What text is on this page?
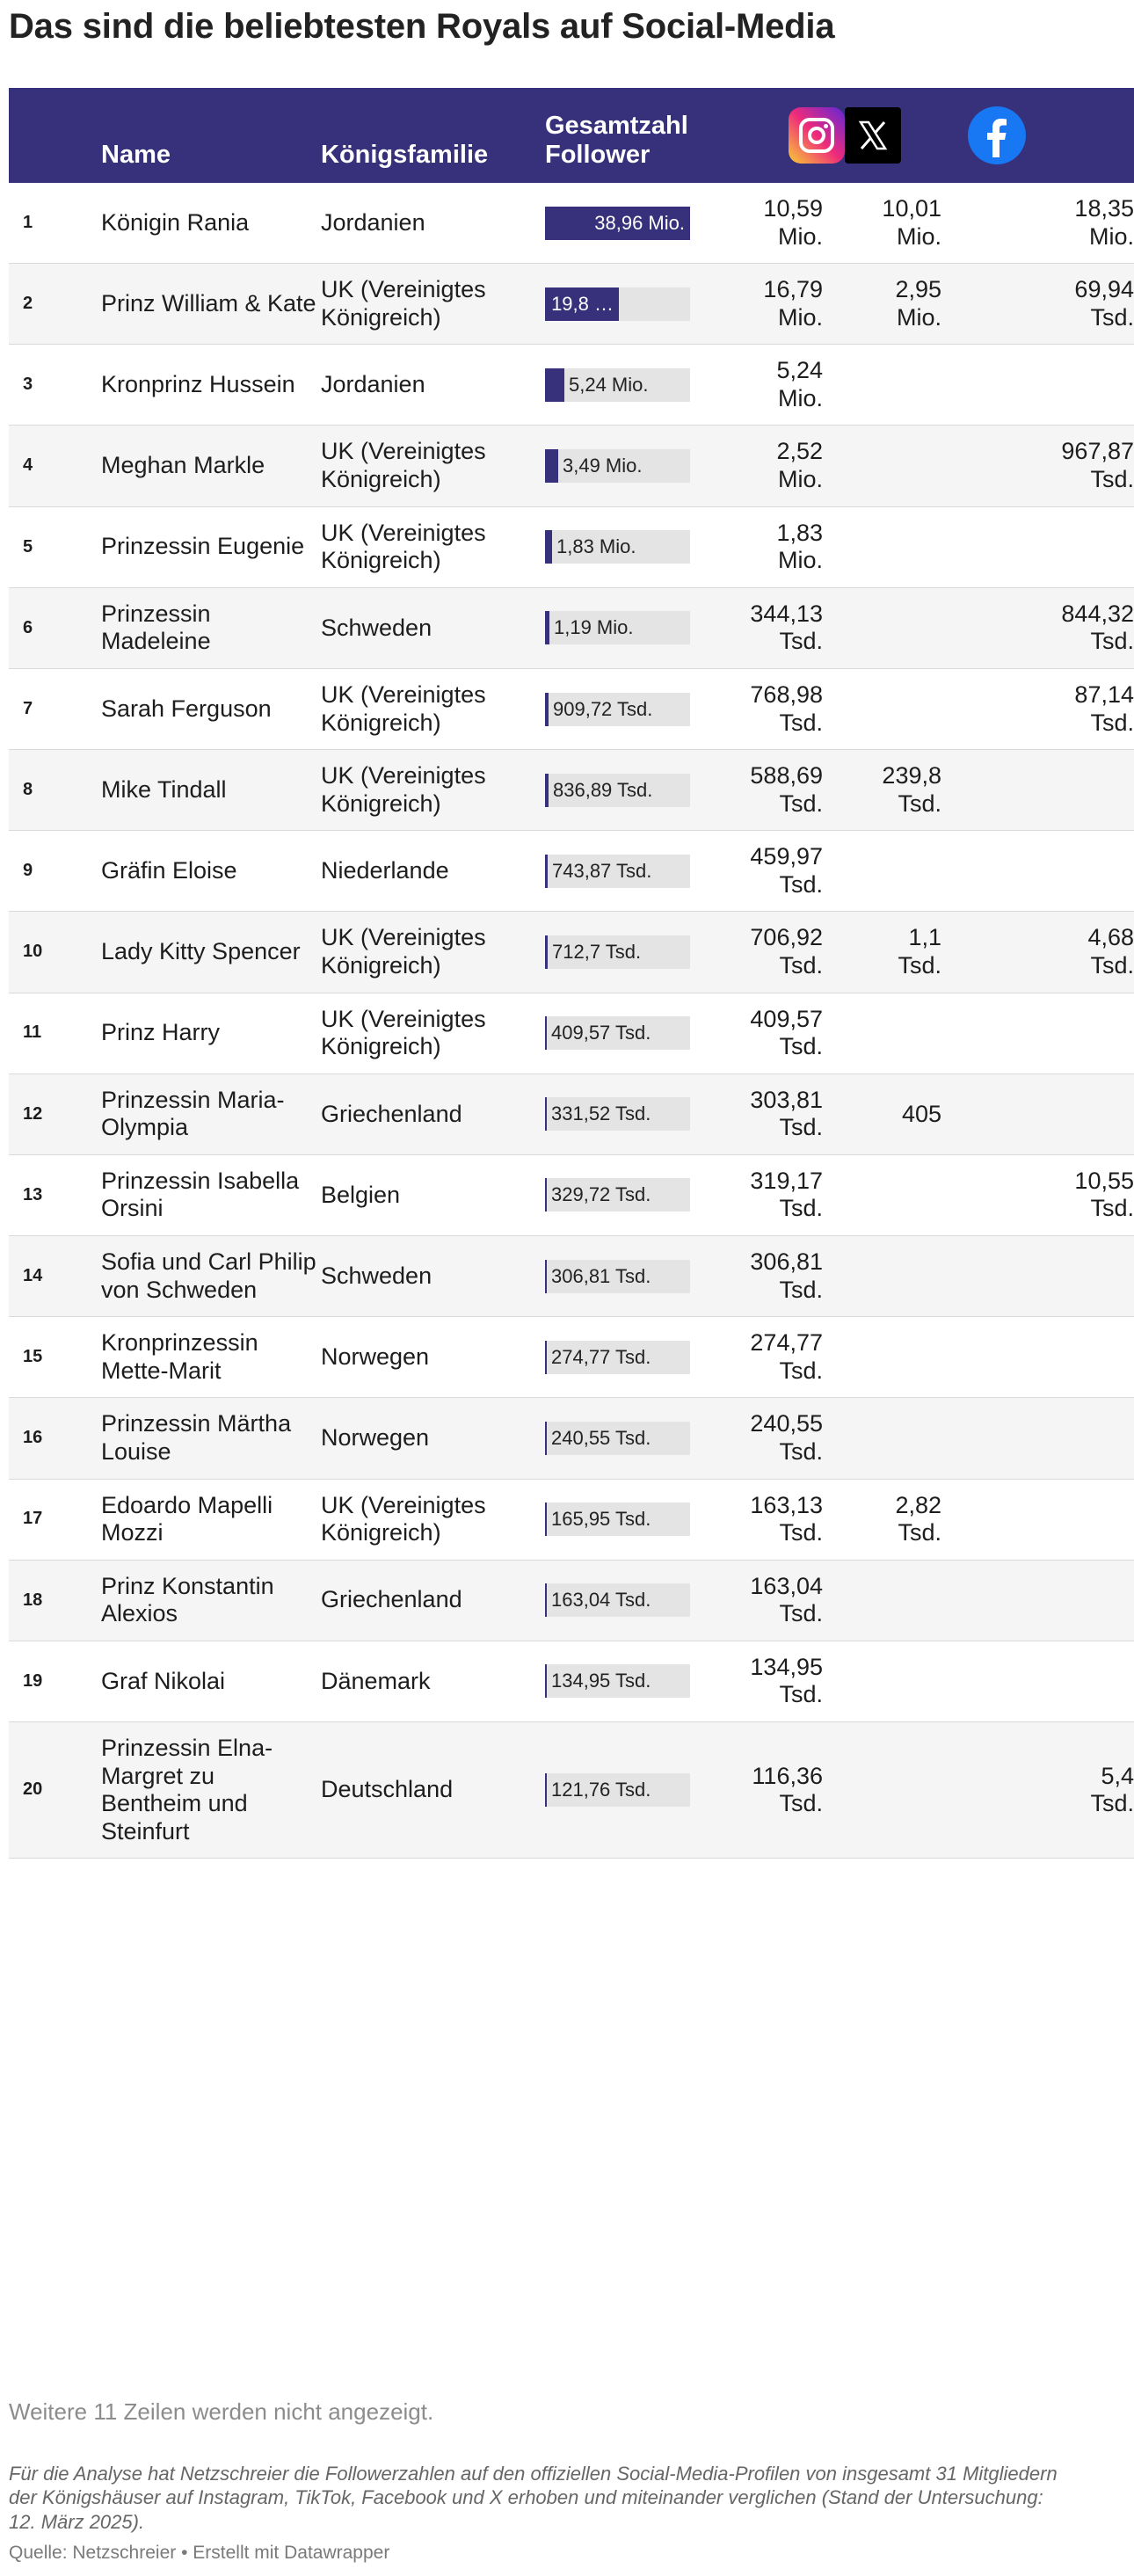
Das sind die beliebtesten Royals auf Social-Media
	Name	Königsfamilie	Gesamtzahl Follower	

1	Königin Rania	Jordanien	38,96 Mio.	10,59
Mio.	10,01
Mio.	18,35
Mio.
2	Prinz William & Kate	UK (Vereinigtes Königreich)	19,8 …	16,79
Mio.	2,95
Mio.	69,94
Tsd.
3	Kronprinz Hussein	Jordanien	5,24 Mio.	5,24
Mio.		
4	Meghan Markle	UK (Vereinigtes Königreich)	3,49 Mio.	2,52
Mio.		967,87
Tsd.
5	Prinzessin Eugenie	UK (Vereinigtes Königreich)	1,83 Mio.	1,83
Mio.		
6	Prinzessin Madeleine	Schweden	1,19 Mio.	344,13
Tsd.		844,32
Tsd.
7	Sarah Ferguson	UK (Vereinigtes Königreich)	909,72 Tsd.	768,98
Tsd.		87,14
Tsd.
8	Mike Tindall	UK (Vereinigtes Königreich)	836,89 Tsd.	588,69
Tsd.	239,8
Tsd.	
9	Gräfin Eloise	Niederlande	743,87 Tsd.	459,97
Tsd.		
10	Lady Kitty Spencer	UK (Vereinigtes Königreich)	712,7 Tsd.	706,92
Tsd.	1,1
Tsd.	4,68
Tsd.
11	Prinz Harry	UK (Vereinigtes Königreich)	409,57 Tsd.	409,57
Tsd.		
12	Prinzessin Maria-Olympia	Griechenland	331,52 Tsd.	303,81
Tsd.	405	
13	Prinzessin Isabella Orsini	Belgien	329,72 Tsd.	319,17
Tsd.		10,55
Tsd.
14	Sofia und Carl Philip von Schweden	Schweden	306,81 Tsd.	306,81
Tsd.		
15	Kronprinzessin Mette-Marit	Norwegen	274,77 Tsd.	274,77
Tsd.		
16	Prinzessin Märtha Louise	Norwegen	240,55 Tsd.	240,55
Tsd.		
17	Edoardo Mapelli Mozzi	UK (Vereinigtes Königreich)	165,95 Tsd.	163,13
Tsd.	2,82
Tsd.	
18	Prinz Konstantin Alexios	Griechenland	163,04 Tsd.	163,04
Tsd.		
19	Graf Nikolai	Dänemark	134,95 Tsd.	134,95
Tsd.		
20	Prinzessin Elna-Margret zu Bentheim und Steinfurt	Deutschland	121,76 Tsd.	116,36
Tsd.		5,4
Tsd.
Weitere 11 Zeilen werden nicht angezeigt.

Für die Analyse hat Netzschreier die Followerzahlen auf den offiziellen Social-Media-Profilen von insgesamt 31 Mitgliedern der Königshäuser auf Instagram, TikTok, Facebook und X erhoben und miteinander verglichen (Stand der Untersuchung: 12. März 2025).

Quelle: Netzschreier • Erstellt mit Datawrapper
